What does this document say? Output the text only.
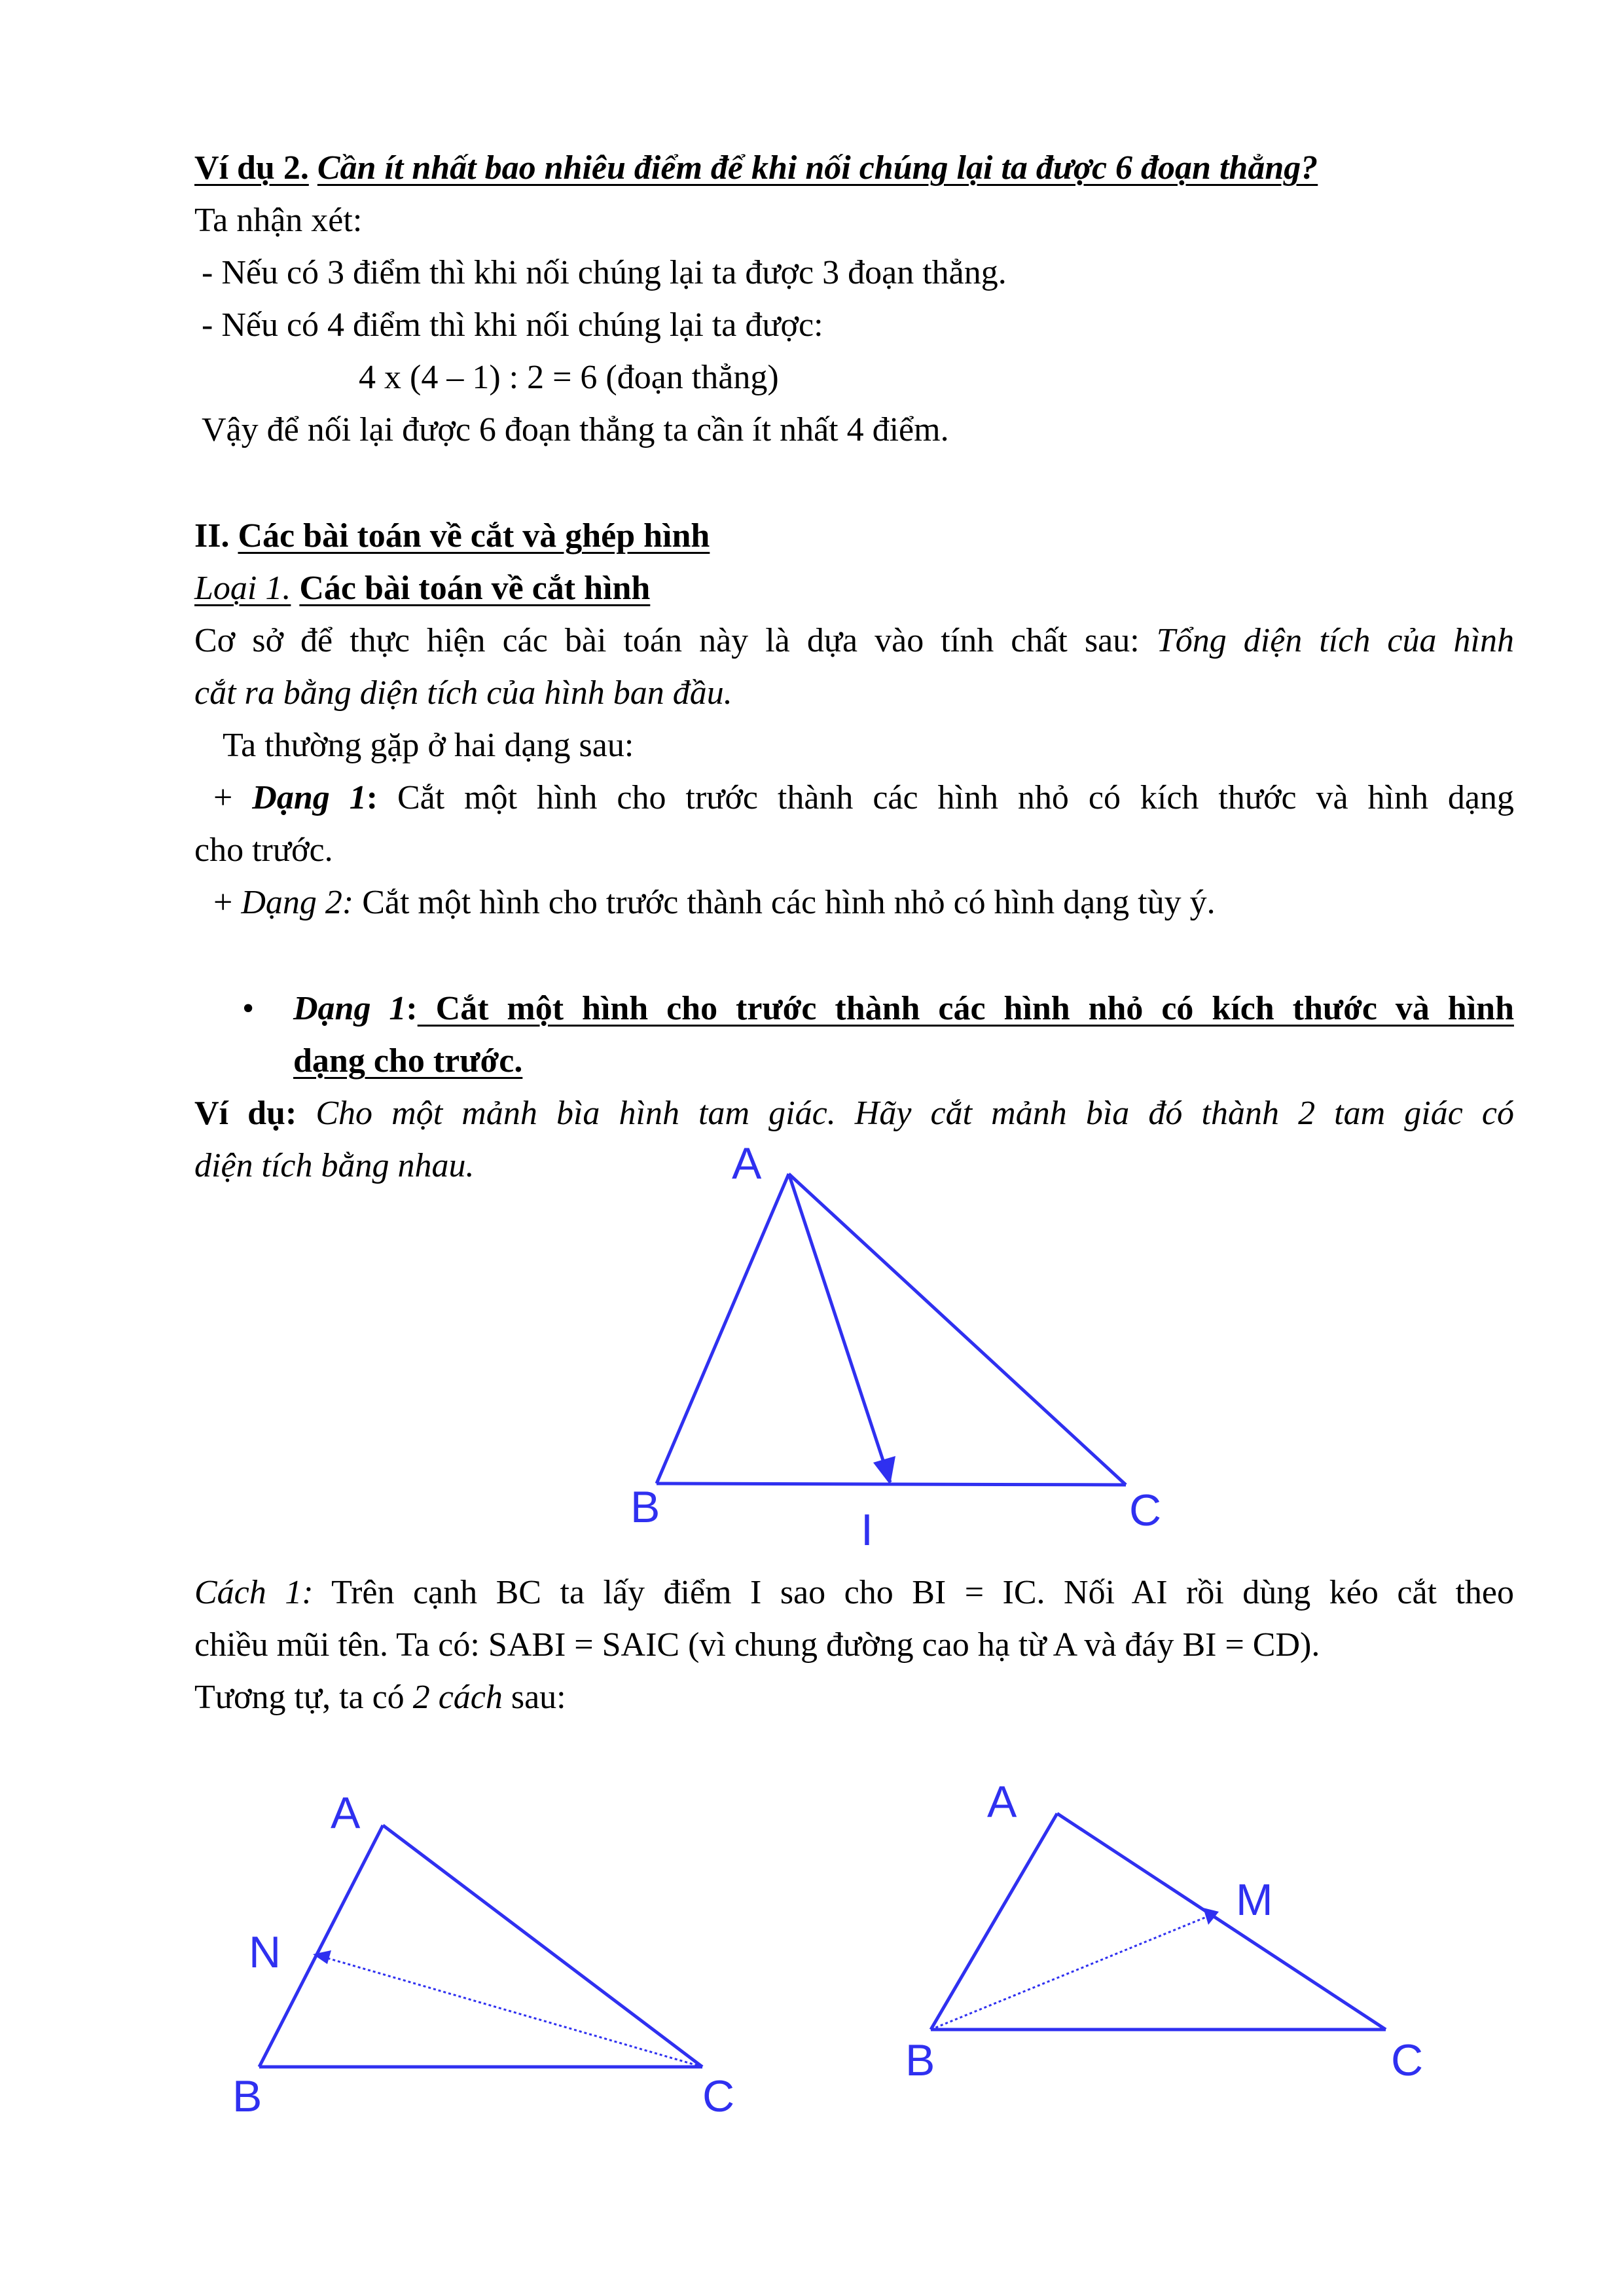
Ví dụ 2. Cần ít nhất bao nhiêu điểm để khi nối chúng lại ta được 6 đoạn thẳng?
Ta nhận xét:
- Nếu có 3 điểm thì khi nối chúng lại ta được 3 đoạn thẳng.
- Nếu có 4 điểm thì khi nối chúng lại ta được:
4 x (4 – 1) : 2 = 6 (đoạn thẳng)
Vậy để nối lại được 6 đoạn thẳng ta cần ít nhất 4 điểm.
II. Các bài toán về cắt và ghép hình
Loại 1. Các bài toán về cắt hình
Cơ sở để thực hiện các bài toán này là dựa vào tính chất sau: Tổng diện tích của hình
cắt ra bằng diện tích của hình ban đầu.
Ta thường gặp ở hai dạng sau:
+ Dạng 1: Cắt một hình cho trước thành các hình nhỏ có kích thước và hình dạng
cho trước.
+ Dạng 2: Cắt một hình cho trước thành các hình nhỏ có hình dạng tùy ý.
•	Dạng 1: Cắt một hình cho trước thành các hình nhỏ có kích thước và hình
dạng cho trước.
Ví dụ: Cho một mảnh bìa hình tam giác. Hãy cắt mảnh bìa đó thành 2 tam giác có
diện tích bằng nhau.	A
B	C
I
Cách 1: Trên cạnh BC ta lấy điểm I sao cho BI = IC. Nối AI rồi dùng kéo cắt theo
chiều mũi tên. Ta có: SABI = SAIC (vì chung đường cao hạ từ A và đáy BI = CD).
Tương tự, ta có 2 cách sau:
A
N
B	C
A
M
B	C
